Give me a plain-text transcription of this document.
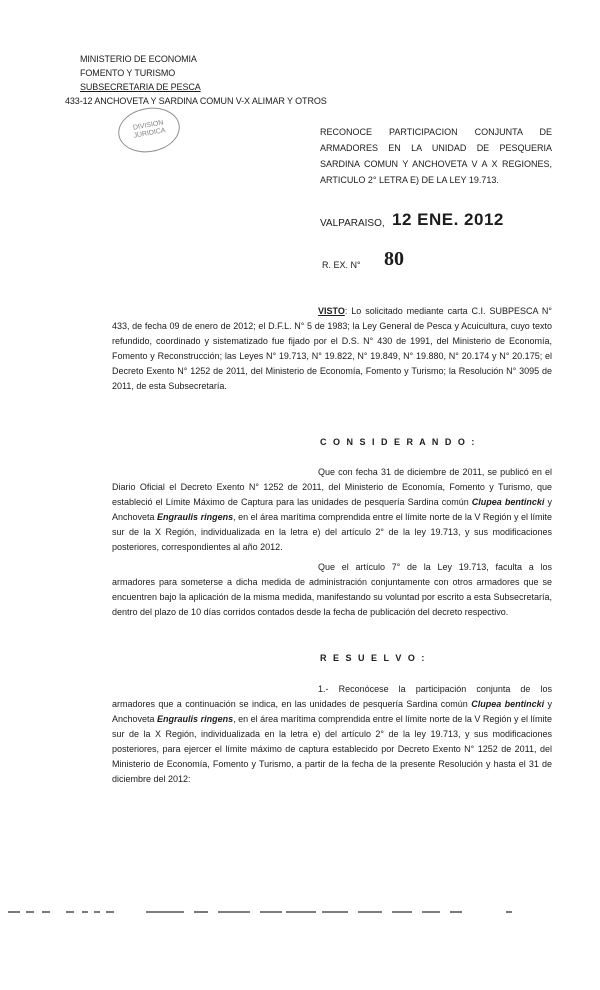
MINISTERIO DE ECONOMIA
FOMENTO Y TURISMO
SUBSECRETARIA DE PESCA
433-12 ANCHOVETA Y SARDINA COMUN V-X ALIMAR Y OTROS
DIVISION JURIDICA	RECONOCE PARTICIPACION CONJUNTA DE ARMADORES EN LA UNIDAD DE PESQUERIA SARDINA COMUN Y ANCHOVETA V A X REGIONES, ARTICULO 2° LETRA E) DE LA LEY 19.713.
VALPARAISO, 12 ENE. 2012
R. EX. N° 80
VISTO: Lo solicitado mediante carta C.I. SUBPESCA N° 433, de fecha 09 de enero de 2012; el D.F.L. N° 5 de 1983; la Ley General de Pesca y Acuicultura, cuyo texto refundido, coordinado y sistematizado fue fijado por el D.S. N° 430 de 1991, del Ministerio de Economía, Fomento y Reconstrucción; las Leyes N° 19.713, N° 19.822, N° 19.849, N° 19.880, N° 20.174 y N° 20.175; el Decreto Exento N° 1252 de 2011, del Ministerio de Economía, Fomento y Turismo; la Resolución N° 3095 de 2011, de esta Subsecretaría.
C O N S I D E R A N D O :
Que con fecha 31 de diciembre de 2011, se publicó en el Diario Oficial el Decreto Exento N° 1252 de 2011, del Ministerio de Economía, Fomento y Turismo, que estableció el Límite Máximo de Captura para las unidades de pesquería Sardina común Clupea bentincki y Anchoveta Engraulis ringens, en el área marítima comprendida entre el límite norte de la V Región y el límite sur de la X Región, individualizada en la letra e) del artículo 2° de la ley 19.713, y sus modificaciones posteriores, correspondientes al año 2012.
Que el artículo 7° de la Ley 19.713, faculta a los armadores para someterse a dicha medida de administración conjuntamente con otros armadores que se encuentren bajo la aplicación de la misma medida, manifestando su voluntad por escrito a esta Subsecretaría, dentro del plazo de 10 días corridos contados desde la fecha de publicación del decreto respectivo.
R E S U E L V O :
1.- Reconócese la participación conjunta de los armadores que a continuación se indica, en las unidades de pesquería Sardina común Clupea bentincki y Anchoveta Engraulis ringens, en el área marítima comprendida entre el límite norte de la V Región y el límite sur de la X Región, individualizada en la letra e) del artículo 2° de la ley 19.713, y sus modificaciones posteriores, para ejercer el límite máximo de captura establecido por Decreto Exento N° 1252 de 2011, del Ministerio de Economía, Fomento y Turismo, a partir de la fecha de la presente Resolución y hasta el 31 de diciembre del 2012:
